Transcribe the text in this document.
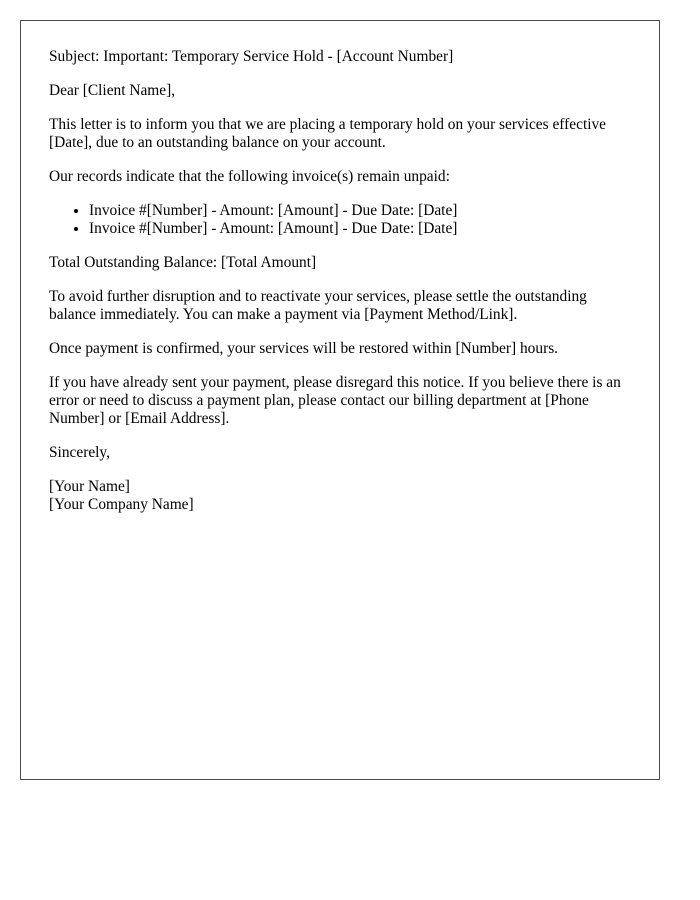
Subject: Important: Temporary Service Hold - [Account Number]

Dear [Client Name],

This letter is to inform you that we are placing a temporary hold on your services effective [Date], due to an outstanding balance on your account.

Our records indicate that the following invoice(s) remain unpaid:

• Invoice #[Number] - Amount: [Amount] - Due Date: [Date]
• Invoice #[Number] - Amount: [Amount] - Due Date: [Date]

Total Outstanding Balance: [Total Amount]

To avoid further disruption and to reactivate your services, please settle the outstanding balance immediately. You can make a payment via [Payment Method/Link].

Once payment is confirmed, your services will be restored within [Number] hours.

If you have already sent your payment, please disregard this notice. If you believe there is an error or need to discuss a payment plan, please contact our billing department at [Phone Number] or [Email Address].

Sincerely,

[Your Name]

[Your Company Name]
